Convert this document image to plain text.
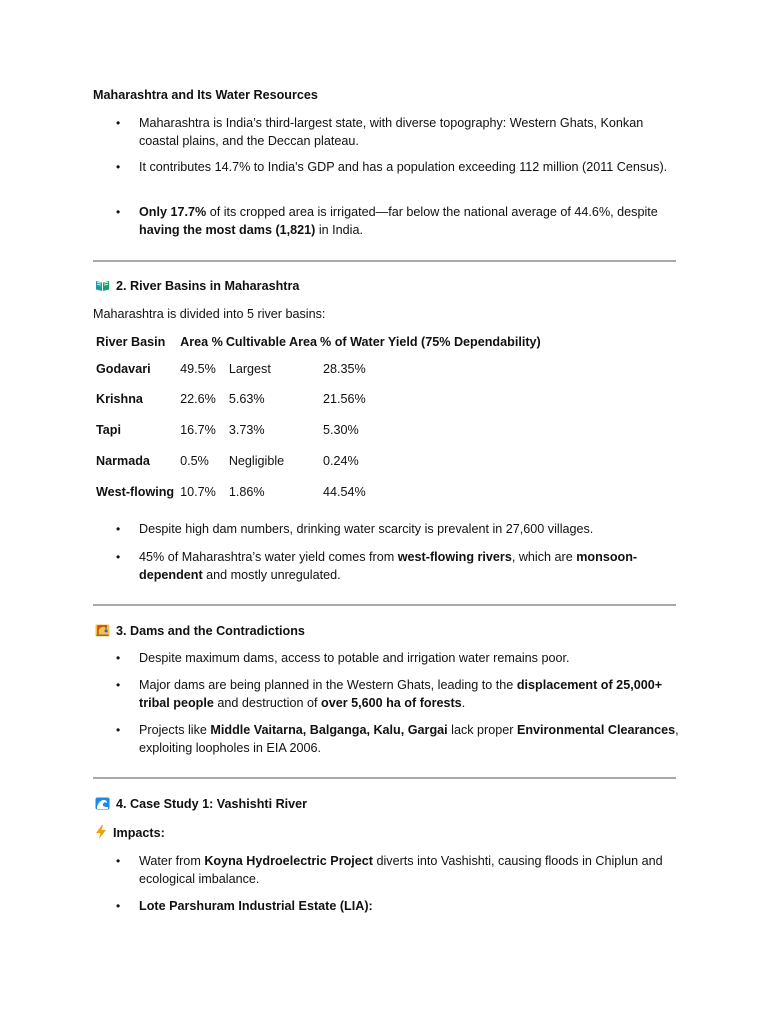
Maharashtra and Its Water Resources
• Maharashtra is India’s third-largest state, with diverse topography: Western Ghats, Konkan coastal plains, and the Deccan plateau.
• It contributes 14.7% to India's GDP and has a population exceeding 112 million (2011 Census).
• Only 17.7% of its cropped area is irrigated—far below the national average of 44.6%, despite having the most dams (1,821) in India.
2. River Basins in Maharashtra
Maharashtra is divided into 5 river basins:
River Basin	Area %	Cultivable Area	% of Water Yield (75% Dependability)
Godavari	49.5%	Largest	28.35%
Krishna	22.6%	5.63%	21.56%
Tapi	16.7%	3.73%	5.30%
Narmada	0.5%	Negligible	0.24%
West-flowing	10.7%	1.86%	44.54%
• Despite high dam numbers, drinking water scarcity is prevalent in 27,600 villages.
• 45% of Maharashtra’s water yield comes from west-flowing rivers, which are monsoon-dependent and mostly unregulated.
3. Dams and the Contradictions
• Despite maximum dams, access to potable and irrigation water remains poor.
• Major dams are being planned in the Western Ghats, leading to the displacement of 25,000+ tribal people and destruction of over 5,600 ha of forests.
• Projects like Middle Vaitarna, Balganga, Kalu, Gargai lack proper Environmental Clearances, exploiting loopholes in EIA 2006.
4. Case Study 1: Vashishti River
Impacts:
• Water from Koyna Hydroelectric Project diverts into Vashishti, causing floods in Chiplun and ecological imbalance.
• Lote Parshuram Industrial Estate (LIA):
